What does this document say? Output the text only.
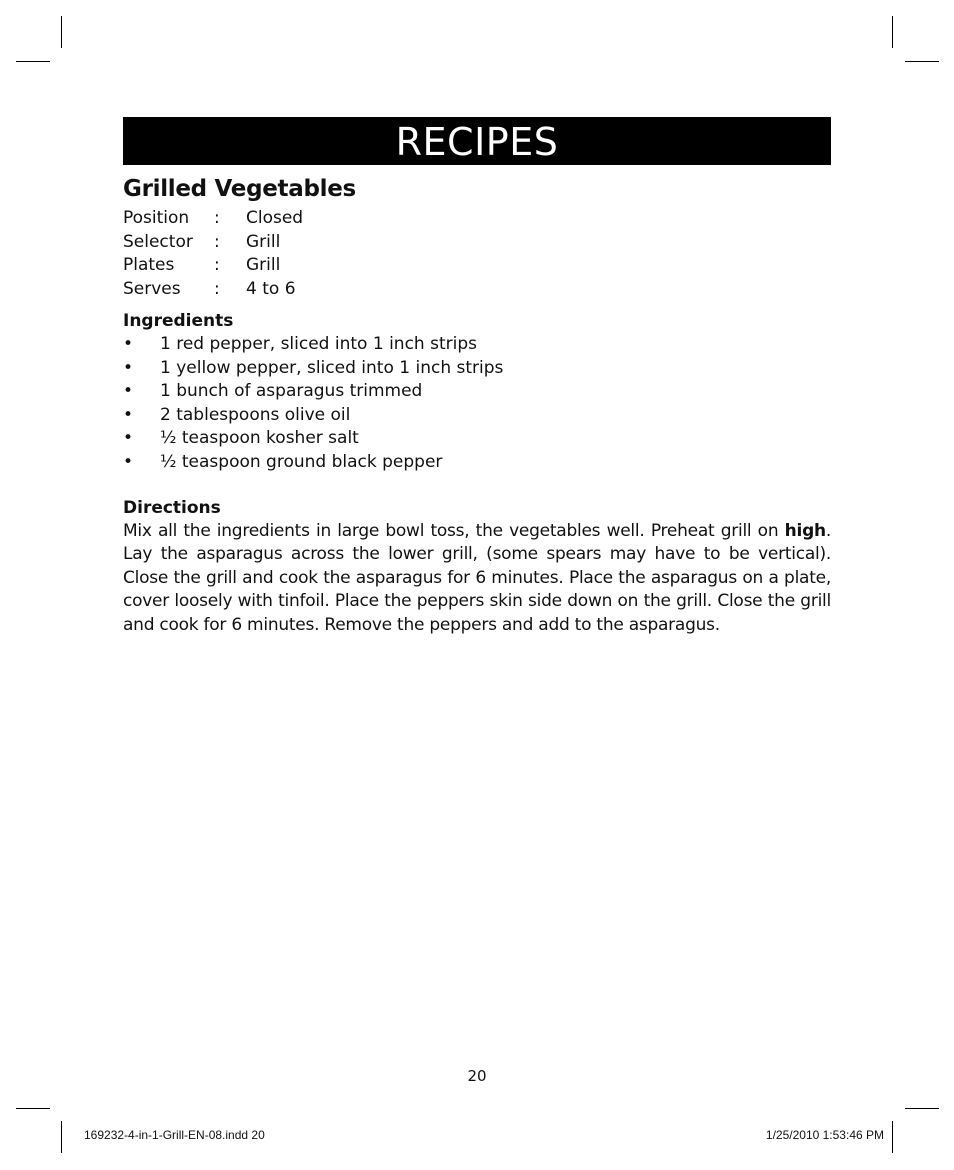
RECIPES
Grilled Vegetables
Position : Closed
Selector : Grill
Plates : Grill
Serves : 4 to 6
Ingredients
• 1 red pepper, sliced into 1 inch strips
• 1 yellow pepper, sliced into 1 inch strips
• 1 bunch of asparagus trimmed
• 2 tablespoons olive oil
• ½ teaspoon kosher salt
• ½ teaspoon ground black pepper
Directions

Mix all the ingredients in large bowl toss, the vegetables well. Preheat grill on high. Lay the asparagus across the lower grill, (some spears may have to be vertical). Close the grill and cook the asparagus for 6 minutes. Place the asparagus on a plate, cover loosely with tinfoil. Place the peppers skin side down on the grill. Close the grill and cook for 6 minutes. Remove the peppers and add to the asparagus.

20
169232-4-in-1-Grill-EN-08.indd 20	1/25/2010 1:53:46 PM
